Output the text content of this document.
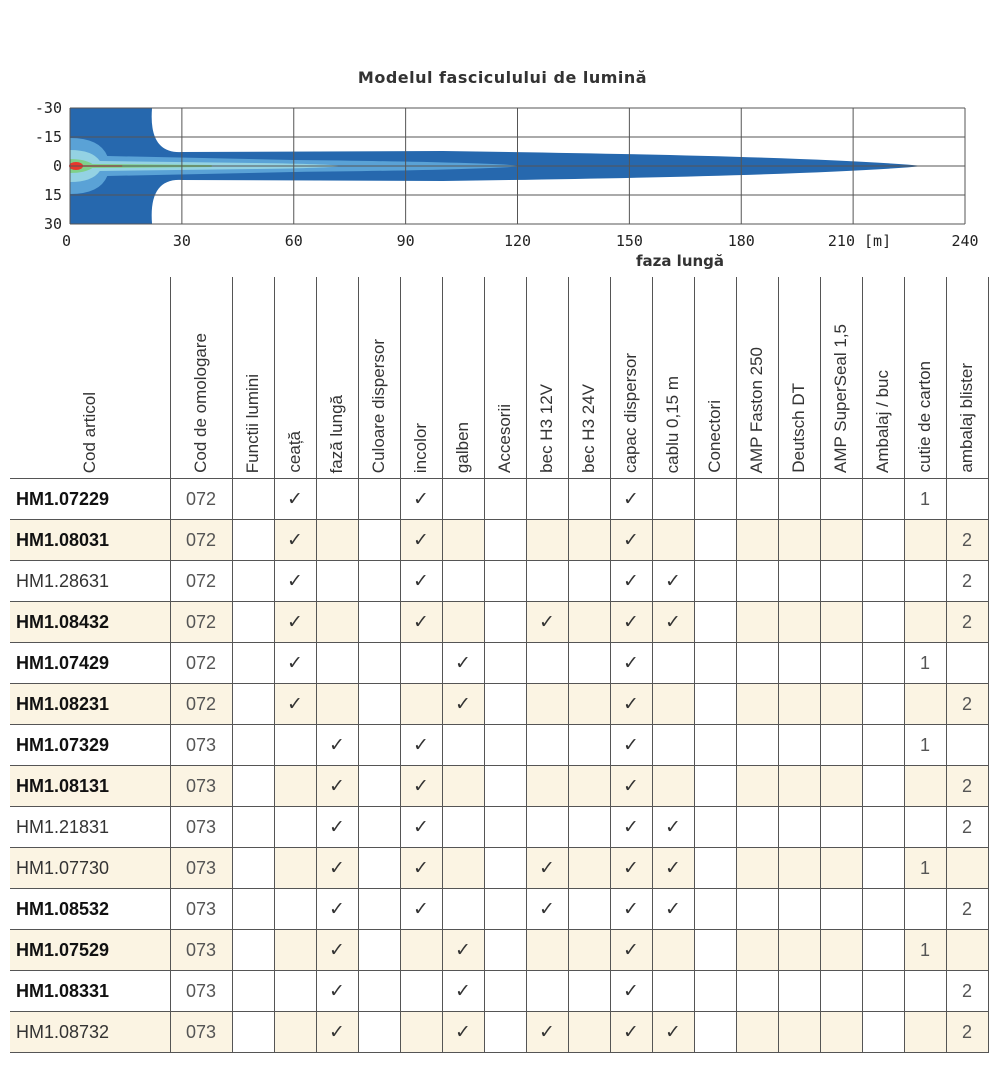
Modelul fasciculului de lumină
-30
-15
0
15
30
0	30	60	90	120	150	180	210 [m]	240
faza lungă
Cod articol	Cod de omologare	Functii lumini	ceață	fază lungă	Culoare dispersor	incolor	galben	Accesorii	bec H3 12V	bec H3 24V	capac dispersor	cablu 0,15 m	Conectori	AMP Faston 250	Deutsch DT	AMP SuperSeal 1,5	Ambalaj / buc	cutie de carton	ambalaj blister
HM1.07229	072		✓			✓					✓							1	
HM1.08031	072		✓			✓					✓								2
HM1.28631	072		✓			✓					✓	✓							2
HM1.08432	072		✓			✓			✓		✓	✓							2
HM1.07429	072		✓				✓				✓							1	
HM1.08231	072		✓				✓				✓								2
HM1.07329	073			✓		✓					✓							1	
HM1.08131	073			✓		✓					✓								2
HM1.21831	073			✓		✓					✓	✓							2
HM1.07730	073			✓		✓			✓		✓	✓						1	
HM1.08532	073			✓		✓			✓		✓	✓							2
HM1.07529	073			✓			✓				✓							1	
HM1.08331	073			✓			✓				✓								2
HM1.08732	073			✓			✓		✓		✓	✓							2
